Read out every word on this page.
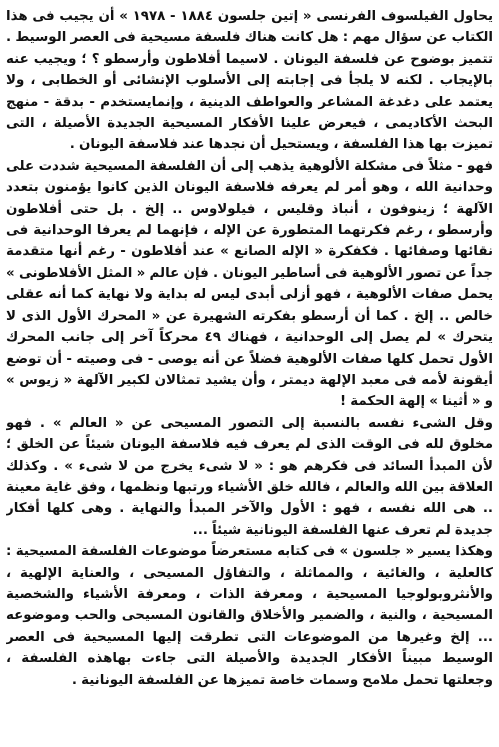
يحاول الفيلسوف الفرنسى « إتين جلسون ١٨٨٤ - ١٩٧٨ » أن يجيب فى هذا الكتاب عن سؤال مهم : هل كانت هناك فلسفة مسيحية فى العصر الوسيط . تتميز بوضوح عن فلسفة اليونان . لاسيما أفلاطون وأرسطو ؟ ؛ ويجيب عنه بالإيجاب . لكنه لا يلجأ فى إجابته إلى الأسلوب الإنشائى أو الخطابى ، ولا يعتمد على دغدغة المشاعر والعواطف الدينية ، وإنمايستخدم - بدقة - منهج البحث الأكاديمى ، فيعرض علينا الأفكار المسيحية الجديدة الأصيلة ، التى تميزت بها هذا الفلسفة ، ويستحيل أن نجدها عند فلاسفة اليونان .

فهو - مثلاً فى مشكلة الألوهية يذهب إلى أن الفلسفة المسيحية شددت على وحدانية الله ، وهو أمر لم يعرفه فلاسفة اليونان الذين كانوا يؤمنون بتعدد الآلهة ؛ زينوفون ، أنباذ وقليس ، فيلولاوس .. إلخ . بل حتى أفلاطون وأرسطو ، رغم فكرتهما المتطورة عن الإله ، فإنهما لم يعرفا الوحدانية فى نقائها وصفائها . فكفكرة « الإله الصانع » عند أفلاطون - رغم أنها متقدمة جداً عن تصور الألوهية فى أساطير اليونان . فإن عالم « المثل الأفلاطونى » يحمل صفات الألوهية ، فهو أزلى أبدى ليس له بداية ولا نهاية كما أنه عقلى خالص .. إلخ . كما أن أرسطو بفكرته الشهيرة عن « المحرك الأول الذى لا يتحرك » لم يصل إلى الوحدانية ، فهناك ٤٩ محركاً آخر إلى جانب المحرك الأول تحمل كلها صفات الألوهية فضلاً عن أنه يوصى - فى وصيته - أن توضع أيقونة لأمه فى معبد الإلهة ديمتر ، وأن يشيد تمثالان لكبير الآلهة « زيوس » و « أثينا » إلهة الحكمة !

وقل الشىء نفسه بالنسبة إلى التصور المسيحى عن « العالم » . فهو مخلوق لله فى الوقت الذى لم يعرف فيه فلاسفة اليونان شيئاً عن الخلق ؛ لأن المبدأ السائد فى فكرهم هو : « لا شىء يخرج من لا شىء » . وكذلك العلاقة بين الله والعالم ، فالله خلق الأشياء ورتبها ونظمها ، وفق غاية معينة .. هى الله نفسه ، فهو : الأول والآخر المبدأ والنهاية . وهى كلها أفكار جديدة لم تعرف عنها الفلسفة اليونانية شيئاً ...

وهكذا يسير « جلسون » فى كتابه مستعرضاً موضوعات الفلسفة المسيحية : كالعلية ، والغائية ، والمماثلة ، والتفاؤل المسيحى ، والعناية الإلهية ، والأنثروبولوجيا المسيحية ، ومعرفة الذات ، ومعرفة الأشياء والشخصية المسيحية ، والنية ، والضمير والأخلاق والقانون المسيحى والحب وموضوعه ... إلخ وغيرها من الموضوعات التى تطرقت إليها المسيحية فى العصر الوسيط مبيناً الأفكار الجديدة والأصيلة التى جاءت بهاهذه الفلسفة ، وجعلتها تحمل ملامح وسمات خاصة تميزها عن الفلسفة اليونانية .
